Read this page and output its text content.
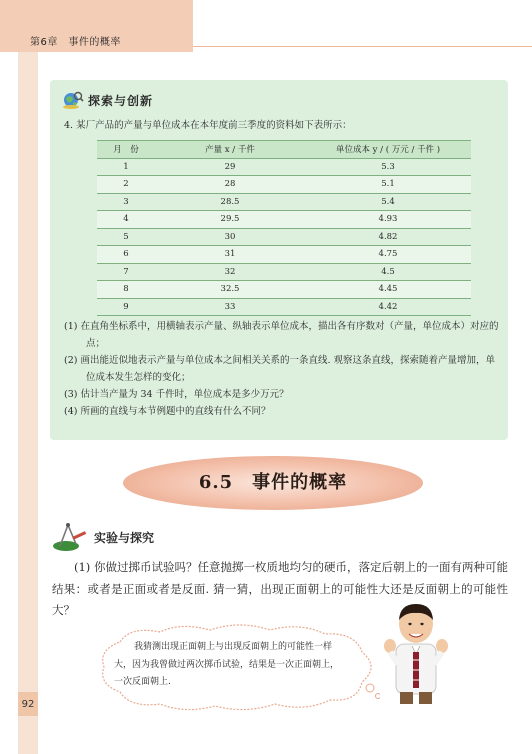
第6章　事件的概率
92
探索与创新
4. 某厂产品的产量与单位成本在本年度前三季度的资料如下表所示：
月　份	产量 x / 千件	单位成本 y / ( 万元 / 千件 )
1	29	5.3
2	28	5.1
3	28.5	5.4
4	29.5	4.93
5	30	4.82
6	31	4.75
7	32	4.5
8	32.5	4.45
9	33	4.42
(1) 在直角坐标系中，用横轴表示产量、纵轴表示单位成本，描出各有序数对（产量，单位成本）对应的点；
(2) 画出能近似地表示产量与单位成本之间相关关系的一条直线. 观察这条直线，探索随着产量增加，单位成本发生怎样的变化；
(3) 估计当产量为 34 千件时，单位成本是多少万元？
(4) 所画的直线与本节例题中的直线有什么不同？
6.5　事件的概率
实验与探究
(1) 你做过掷币试验吗？任意抛掷一枚质地均匀的硬币，落定后朝上的一面有两种可能结果：或者是正面或者是反面. 猜一猜，出现正面朝上的可能性大还是反面朝上的可能性大？
我猜测出现正面朝上与出现反面朝上的可能性一样大，因为我曾做过两次掷币试验，结果是一次正面朝上，一次反面朝上.
